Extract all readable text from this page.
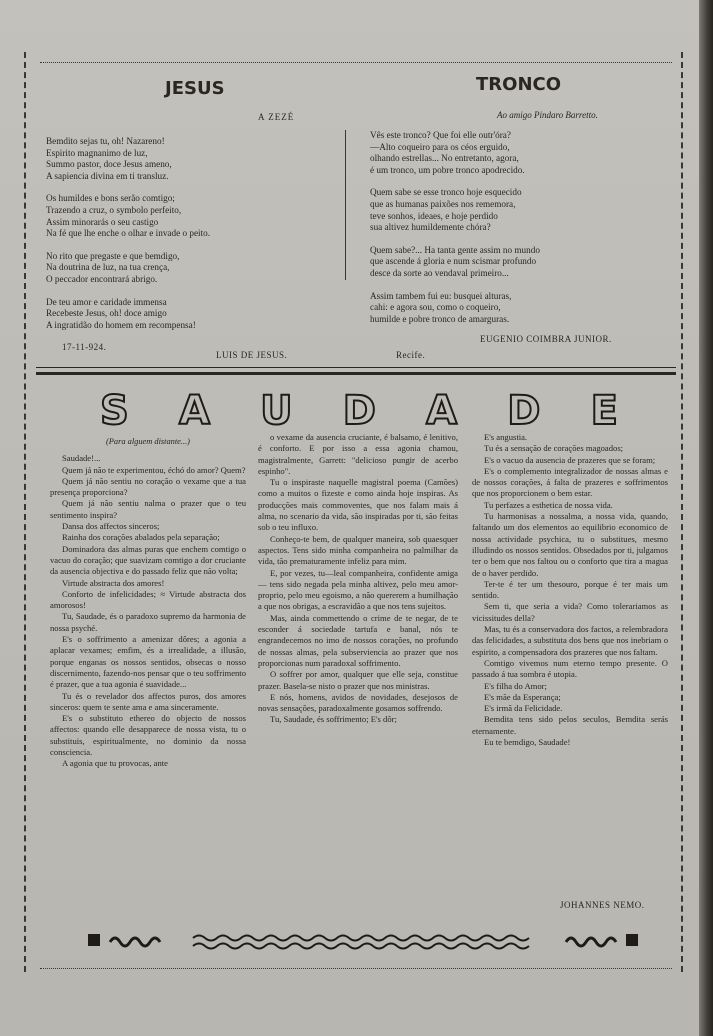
JESUS
A ZEZÉ
Bemdito sejas tu, oh! Nazareno!
Espirito magnanimo de luz,
Summo pastor, doce Jesus ameno,
A sapiencia divina em ti transluz.
Os humildes e bons serão comtigo;
Trazendo a cruz, o symbolo perfeito,
Assim minorarás o seu castigo
Na fé que lhe enche o olhar e invade o peito.
No rito que pregaste e que bemdigo,
Na doutrina de luz, na tua crença,
O peccador encontrará abrigo.
De teu amor e caridade immensa
Recebeste Jesus, oh! doce amigo
A ingratidão do homem em recompensa!
17-11-924.
LUIS DE JESUS.
TRONCO
Ao amigo Pindaro Barretto.
Vês este tronco? Que foi elle outr'óra?
—Alto coqueiro para os céos erguido,
olhando estrellas... No entretanto, agora,
é um tronco, um pobre tronco apodrecido.
Quem sabe se esse tronco hoje esquecido
que as humanas paixões nos rememora,
teve sonhos, ideaes, e hoje perdido
sua altivez humildemente chóra?
Quem sabe?... Ha tanta gente assim no mundo
que ascende á gloria e num scismar profundo
desce da sorte ao vendaval primeiro...
Assim tambem fui eu: busquei alturas,
cahi: e agora sou, como o coqueiro,
humilde e pobre tronco de amarguras.
EUGENIO COIMBRA JUNIOR.
Recife.
S A U D A D E

(Para alguem distante...)

Saudade!...

Quem já não te experimentou, échó do amor? Quem?

Quem já não sentiu no coração o vexame que a tua presença proporciona?

Quem já não sentiu nalma o prazer que o teu sentimento inspira?

Dansa dos affectos sinceros;

Rainha dos corações abalados pela separação;

Dominadora das almas puras que enchem comtigo o vacuo do coração; que suavizam comtigo a dor cruciante da ausencia objectiva e do passado feliz que não volta;

Virtude abstracta dos amores!

Conforto de infelicidades; ≈ Virtude abstracta dos amorosos!

Tu, Saudade, és o paradoxo supremo da harmonia de nossa psyché.

E's o soffrimento a amenizar dôres; a agonia a aplacar vexames; emfim, és a irrealidade, a illusão, porque enganas os nossos sentidos, obsecas o nosso discernimento, fazendo-nos pensar que o teu soffrimento é prazer, que a tua agonia é suavidade...

Tu és o revelador dos affectos puros, dos amores sinceros: quem te sente ama e ama sinceramente.

E's o substituto ethereo do objecto de nossos affectos: quando elle desapparece de nossa vista, tu o substituis, espiritualmente, no dominio da nossa consciencia.

A agonia que tu provocas, ante

o vexame da ausencia cruciante, é balsamo, é lenitivo, é conforto. E por isso a essa agonia chamou, magistralmente, Garrett: "delicioso pungir de acerbo espinho".

Tu o inspiraste naquelle magistral poema (Camões) como a muitos o fizeste e como ainda hoje inspiras. As producções mais commoventes, que nos falam mais á alma, no scenario da vida, são inspiradas por ti, são feitas sob o teu influxo.

Conheço-te bem, de qualquer maneira, sob quaesquer aspectos. Tens sido minha companheira no palmilhar da vida, tão prematuramente infeliz para mim.

E, por vezes, tu—leal companheira, confidente amiga — tens sido negada pela minha altivez, pelo meu amor-proprio, pelo meu egoismo, a não quererem a humilhação a que nos obrigas, a escravidão a que nos tens sujeitos.

Mas, ainda commettendo o crime de te negar, de te esconder á sociedade tartufa e banal, nós te engrandecemos no imo de nossos corações, no profundo de nossas almas, pela subserviencia ao prazer que nos proporcionas num paradoxal soffrimento.

O soffrer por amor, qualquer que elle seja, constitue prazer. Basela-se nisto o prazer que nos ministras.

E nós, homens, avidos de novidades, desejosos de novas sensações, paradoxalmente gosamos soffrendo.

Tu, Saudade, és soffrimento; E's dôr;

E's angustia.

Tu és a sensação de corações magoados;

E's o vacuo da ausencia de prazeres que se foram;

E's o complemento integralizador de nossas almas e de nossos corações, á falta de prazeres e soffrimentos que nos proporcionem o bem estar.

Tu perfazes a esthetica de nossa vida.

Tu harmonisas a nossalma, a nossa vida, quando, faltando um dos elementos ao equilibrio economico de nossa actividade psychica, tu o substitues, mesmo illudindo os nossos sentidos. Obsedados por ti, julgamos ter o bem que nos faltou ou o conforto que tira a magua de o haver perdido.

Ter-te é ter um thesouro, porque é ter mais um sentido.

Sem ti, que seria a vida? Como tolerariamos as vicissitudes della?

Mas, tu és a conservadora dos factos, a relembradora das felicidades, a substituta dos bens que nos inebriam o espirito, a compensadora dos prazeres que nos faltam.

Comtigo vivemos num eterno tempo presente. O passado á tua sombra é utopia.

E's filha do Amor;

E's mãe da Esperança;

E's irmã da Felicidade.

Bemdita tens sido pelos seculos, Bemdita serás eternamente.

Eu te bemdigo, Saudade!

JOHANNES NEMO.
